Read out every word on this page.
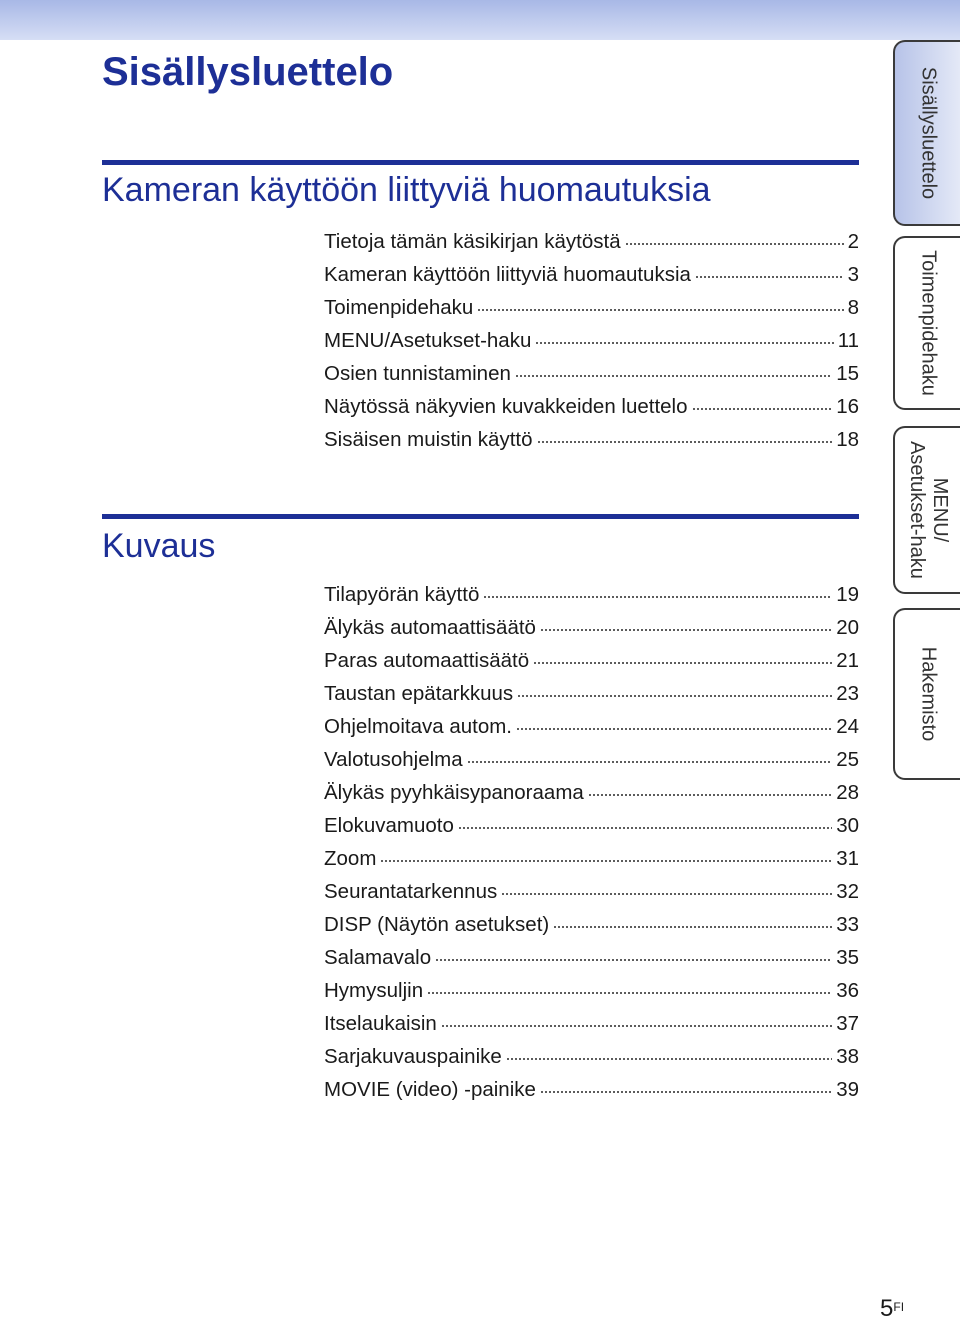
Sisällysluettelo
Kameran käyttöön liittyviä huomautuksia
Tietoja tämän käsikirjan käytöstä	2
Kameran käyttöön liittyviä huomautuksia	3
Toimenpidehaku	8
MENU/Asetukset-haku	11
Osien tunnistaminen	15
Näytössä näkyvien kuvakkeiden luettelo	16
Sisäisen muistin käyttö	18
Kuvaus
Tilapyörän käyttö	19
Älykäs automaattisäätö	20
Paras automaattisäätö	21
Taustan epätarkkuus	23
Ohjelmoitava autom.	24
Valotusohjelma	25
Älykäs pyyhkäisypanoraama	28
Elokuvamuoto	30
Zoom	31
Seurantatarkennus	32
DISP (Näytön asetukset)	33
Salamavalo	35
Hymysuljin	36
Itselaukaisin	37
Sarjakuvauspainike	38
MOVIE (video) -painike	39
Sisällysluettelo
Toimenpidehaku
MENU/
Asetukset-haku
Hakemisto
$5^{FI}$
